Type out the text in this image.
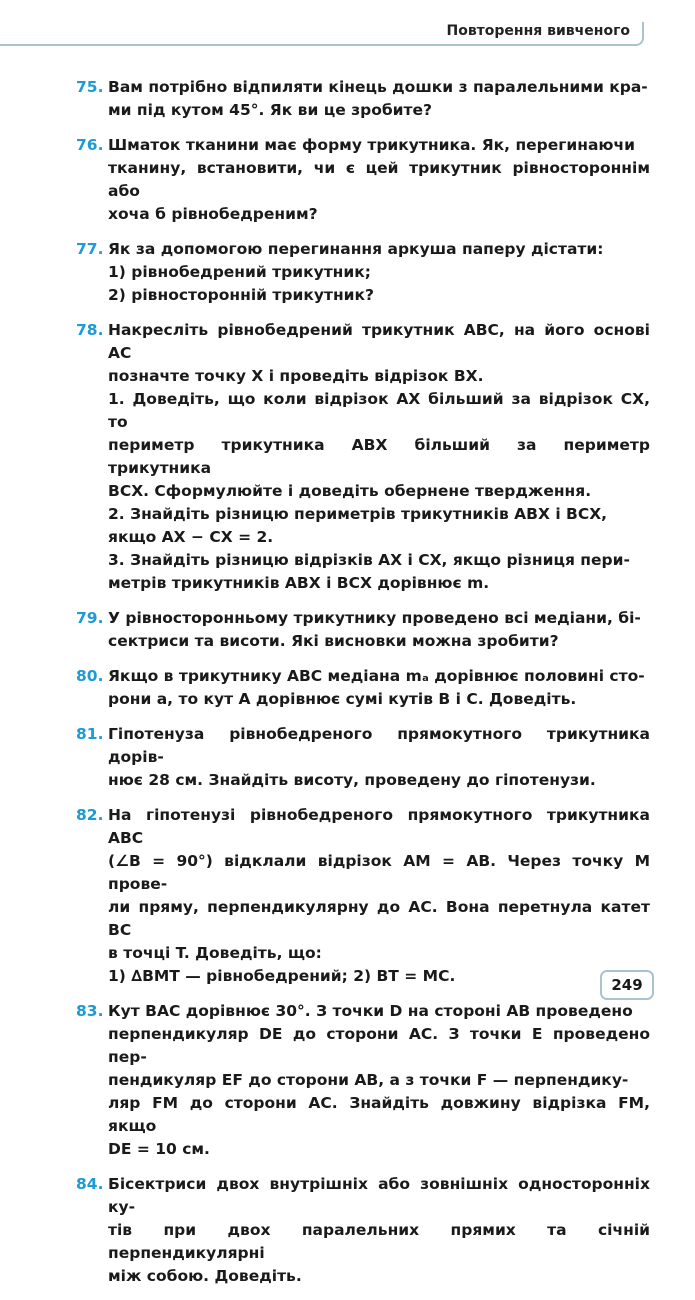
Повторення вивченого
75. Вам потрібно відпиляти кінець дошки з паралельними кра-
ми під кутом 45°. Як ви це зробите?
76. Шматок тканини має форму трикутника. Як, перегинаючи
тканину, встановити, чи є цей трикутник рівностороннім або
хоча б рівнобедреним?
77. Як за допомогою перегинання аркуша паперу дістати:
1) рівнобедрений трикутник;
2) рівносторонній трикутник?
78. Накресліть рівнобедрений трикутник ABC, на його основі AC
позначте точку X і проведіть відрізок BX.
1. Доведіть, що коли відрізок AX більший за відрізок CX, то
периметр трикутника ABX більший за периметр трикутника
BCX. Сформулюйте і доведіть обернене твердження.
2. Знайдіть різницю периметрів трикутників ABX і BCX,
якщо AX − CX = 2.
3. Знайдіть різницю відрізків AX і CX, якщо різниця пери-
метрів трикутників ABX і BCX дорівнює m.
79. У рівносторонньому трикутнику проведено всі медіани, бі-
сектриси та висоти. Які висновки можна зробити?
80. Якщо в трикутнику ABC медіана mₐ дорівнює половині сто-
рони a, то кут A дорівнює сумі кутів B і C. Доведіть.
81. Гіпотенуза рівнобедреного прямокутного трикутника дорів-
нює 28 см. Знайдіть висоту, проведену до гіпотенузи.
82. На гіпотенузі рівнобедреного прямокутного трикутника ABC
(∠B = 90°) відклали відрізок AM = AB. Через точку M прове-
ли пряму, перпендикулярну до AC. Вона перетнула катет BC
в точці T. Доведіть, що:
1) ∆BMT — рівнобедрений; 2) BT = MC.
83. Кут BAC дорівнює 30°. З точки D на стороні AB проведено
перпендикуляр DE до сторони AC. З точки E проведено пер-
пендикуляр EF до сторони AB, а з точки F — перпендику-
ляр FM до сторони AC. Знайдіть довжину відрізка FM, якщо
DE = 10 см.
84. Бісектриси двох внутрішніх або зовнішніх односторонніх ку-
тів при двох паралельних прямих та січній перпендикулярні
між собою. Доведіть.
249
